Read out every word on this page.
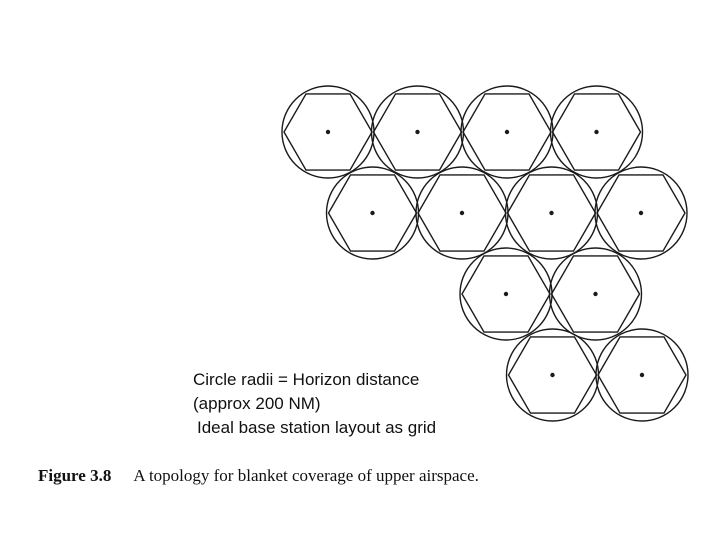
Circle radii = Horizon distance
(approx 200 NM)
Ideal base station layout as grid
Figure 3.8 A topology for blanket coverage of upper airspace.
